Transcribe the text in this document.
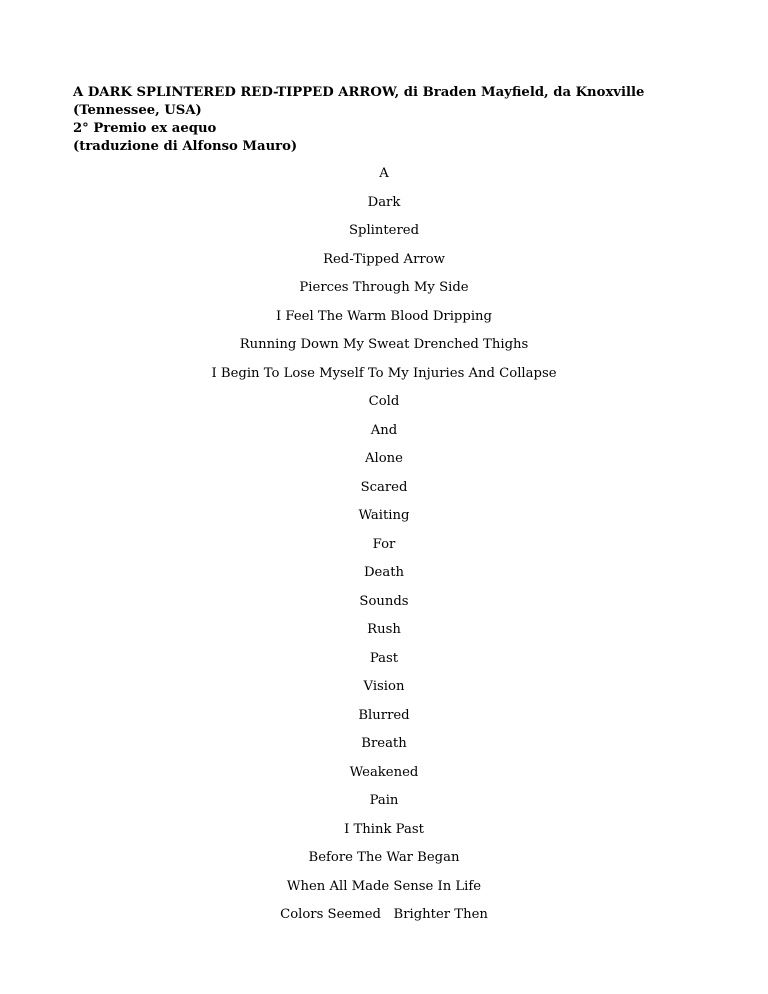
A DARK SPLINTERED RED-TIPPED ARROW, di Braden Mayfield, da Knoxville
(Tennessee, USA)
2° Premio ex aequo
(traduzione di Alfonso Mauro)
A
Dark
Splintered
Red-Tipped Arrow
Pierces Through My Side
I Feel The Warm Blood Dripping
Running Down My Sweat Drenched Thighs
I Begin To Lose Myself To My Injuries And Collapse
Cold
And
Alone
Scared
Waiting
For
Death
Sounds
Rush
Past
Vision
Blurred
Breath
Weakened
Pain
I Think Past
Before The War Began
When All Made Sense In Life
Colors Seemed   Brighter Then
